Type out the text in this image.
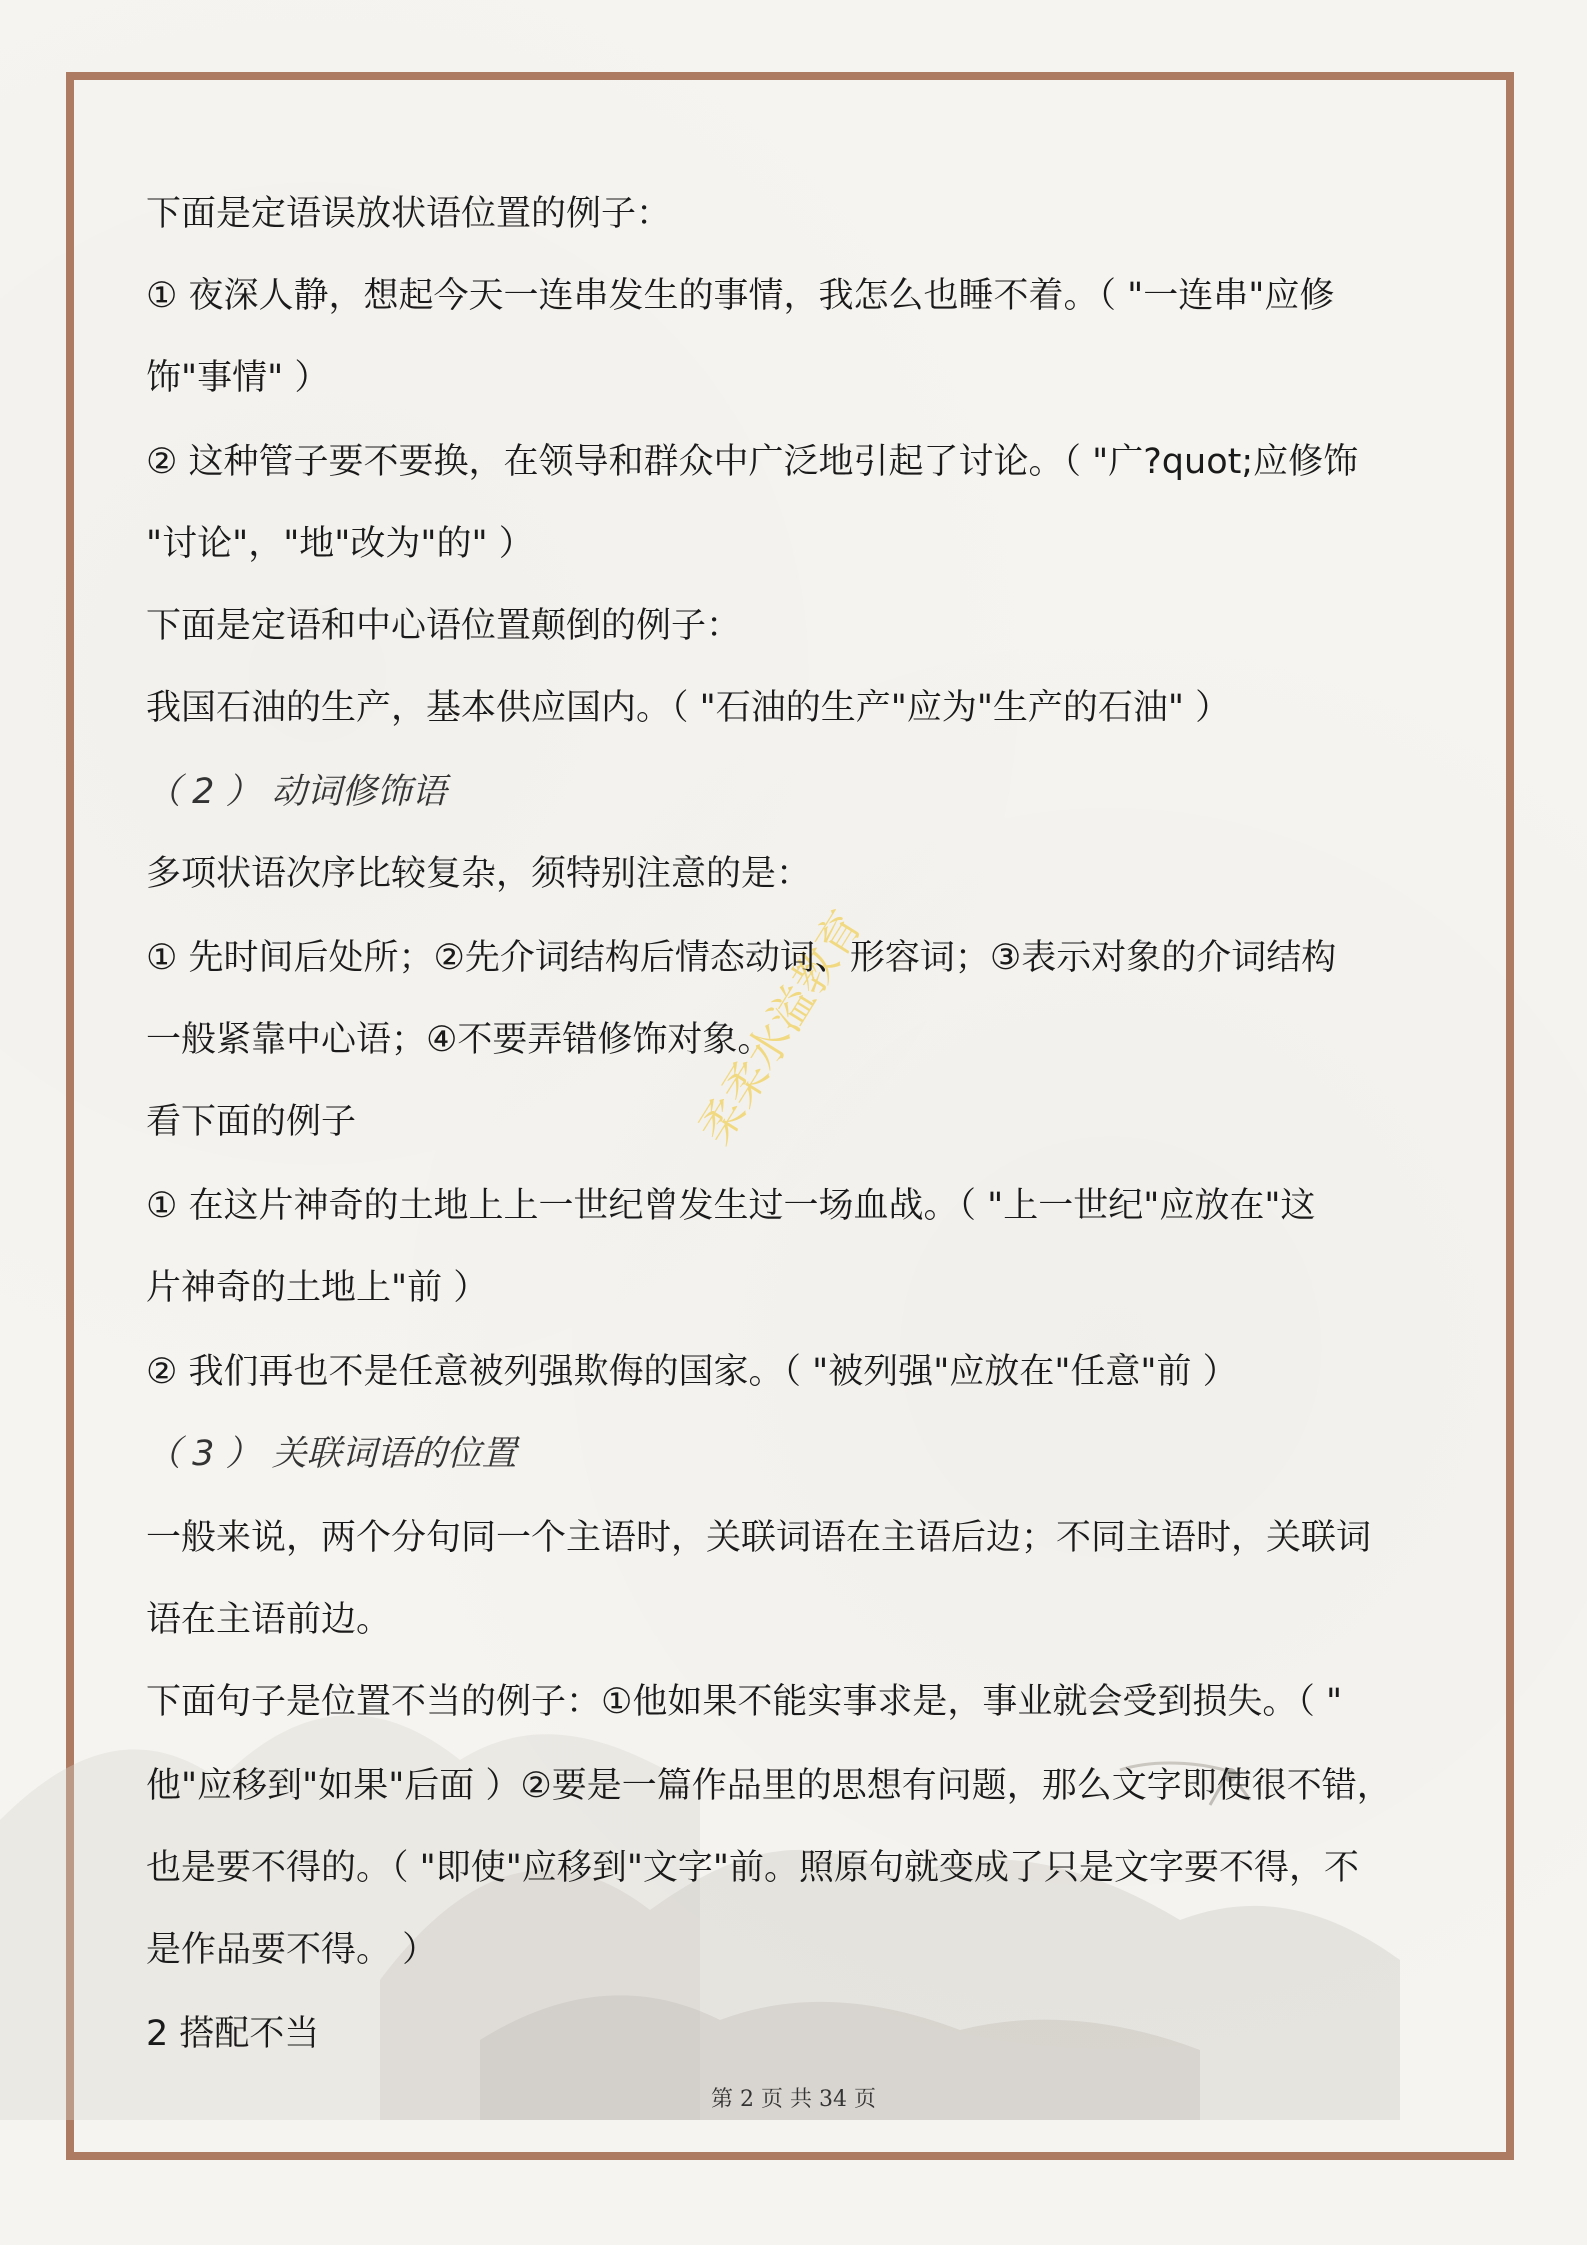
柔柔水溢教育
下面是定语误放状语位置的例子：
① 夜深人静，想起今天一连串发生的事情，我怎么也睡不着。（ "一连串"应修
饰"事情" ）
② 这种管子要不要换，在领导和群众中广泛地引起了讨论。（ "广?quot;应修饰
"讨论"，"地"改为"的" ）
下面是定语和中心语位置颠倒的例子：
我国石油的生产，基本供应国内。（ "石油的生产"应为"生产的石油" ）
（ 2 ） 动词修饰语
多项状语次序比较复杂，须特别注意的是：
① 先时间后处所；②先介词结构后情态动词、形容词；③表示对象的介词结构
一般紧靠中心语；④不要弄错修饰对象。
看下面的例子
① 在这片神奇的土地上上一世纪曾发生过一场血战。（ "上一世纪"应放在"这
片神奇的土地上"前 ）
② 我们再也不是任意被列强欺侮的国家。（ "被列强"应放在"任意"前 ）
（ 3 ） 关联词语的位置
一般来说，两个分句同一个主语时，关联词语在主语后边；不同主语时，关联词
语在主语前边。
下面句子是位置不当的例子：①他如果不能实事求是，事业就会受到损失。（ "
他"应移到"如果"后面 ）②要是一篇作品里的思想有问题，那么文字即使很不错，
也是要不得的。（ "即使"应移到"文字"前。照原句就变成了只是文字要不得，不
是作品要不得。 ）
2 搭配不当
第 2 页 共 34 页
